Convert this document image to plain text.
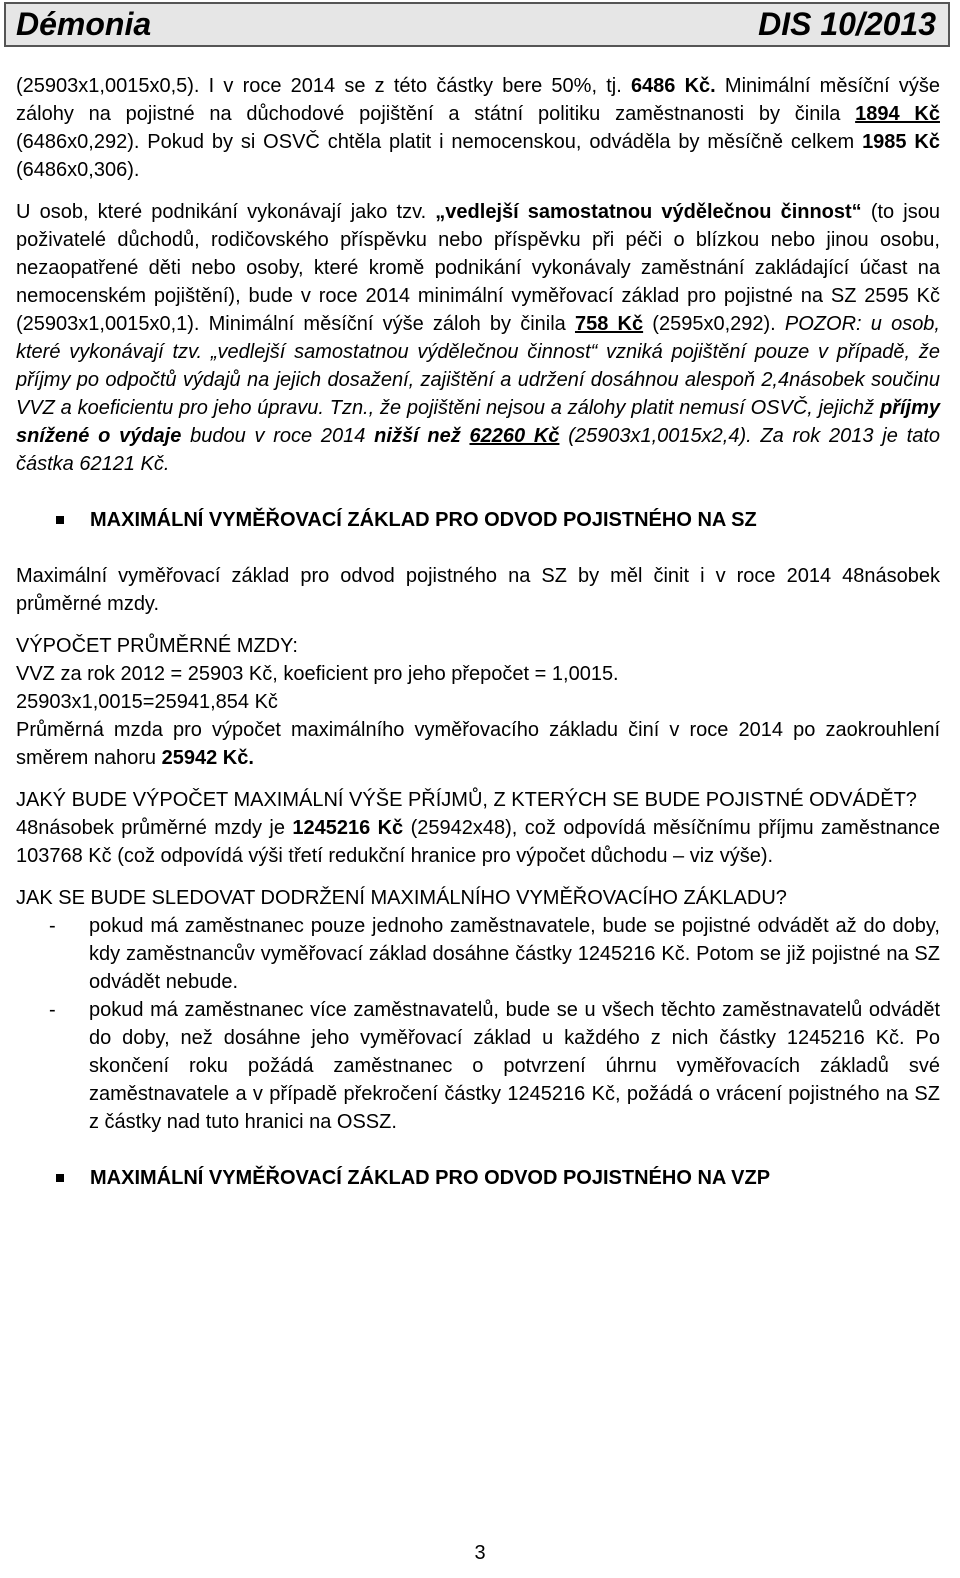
Démonia	DIS 10/2013

(25903x1,0015x0,5). I v roce 2014 se z této částky bere 50%, tj. 6486 Kč. Minimální měsíční výše zálohy na pojistné na důchodové pojištění a státní politiku zaměstnanosti by činila 1894 Kč (6486x0,292). Pokud by si OSVČ chtěla platit i nemocenskou, odváděla by měsíčně celkem 1985 Kč (6486x0,306).

U osob, které podnikání vykonávají jako tzv. „vedlejší samostatnou výdělečnou činnost“ (to jsou poživatelé důchodů, rodičovského příspěvku nebo příspěvku při péči o blízkou nebo jinou osobu, nezaopatřené děti nebo osoby, které kromě podnikání vykonávaly zaměstnání zakládající účast na nemocenském pojištění), bude v roce 2014 minimální vyměřovací základ pro pojistné na SZ 2595 Kč (25903x1,0015x0,1). Minimální měsíční výše záloh by činila 758 Kč (2595x0,292). POZOR: u osob, které vykonávají tzv. „vedlejší samostatnou výdělečnou činnost“ vzniká pojištění pouze v případě, že příjmy po odpočtů výdajů na jejich dosažení, zajištění a udržení dosáhnou alespoň 2,4násobek součinu VVZ a koeficientu pro jeho úpravu. Tzn., že pojištěni nejsou a zálohy platit nemusí OSVČ, jejichž příjmy snížené o výdaje budou v roce 2014 nižší než 62260 Kč (25903x1,0015x2,4). Za rok 2013 je tato částka 62121 Kč.

MAXIMÁLNÍ VYMĚŘOVACÍ ZÁKLAD PRO ODVOD POJISTNÉHO NA SZ

Maximální vyměřovací základ pro odvod pojistného na SZ by měl činit i v roce 2014 48násobek průměrné mzdy.

VÝPOČET PRŮMĚRNÉ MZDY:
VVZ za rok 2012 = 25903 Kč, koeficient pro jeho přepočet = 1,0015.
25903x1,0015=25941,854 Kč

Průměrná mzda pro výpočet maximálního vyměřovacího základu činí v roce 2014 po zaokrouhlení směrem nahoru 25942 Kč.

JAKÝ BUDE VÝPOČET MAXIMÁLNÍ VÝŠE PŘÍJMŮ, Z KTERÝCH SE BUDE POJISTNÉ ODVÁDĚT?

48násobek průměrné mzdy je 1245216 Kč (25942x48), což odpovídá měsíčnímu příjmu zaměstnance 103768 Kč (což odpovídá výši třetí redukční hranice pro výpočet důchodu – viz výše).

JAK SE BUDE SLEDOVAT DODRŽENÍ MAXIMÁLNÍHO VYMĚŘOVACÍHO ZÁKLADU?

- pokud má zaměstnanec pouze jednoho zaměstnavatele, bude se pojistné odvádět až do doby, kdy zaměstnancův vyměřovací základ dosáhne částky 1245216 Kč. Potom se již pojistné na SZ odvádět nebude.
- pokud má zaměstnanec více zaměstnavatelů, bude se u všech těchto zaměstnavatelů odvádět do doby, než dosáhne jeho vyměřovací základ u každého z nich částky 1245216 Kč. Po skončení roku požádá zaměstnanec o potvrzení úhrnu vyměřovacích základů své zaměstnavatele a v případě překročení částky 1245216 Kč, požádá o vrácení pojistného na SZ z částky nad tuto hranici na OSSZ.
MAXIMÁLNÍ VYMĚŘOVACÍ ZÁKLAD PRO ODVOD POJISTNÉHO NA VZP
3
